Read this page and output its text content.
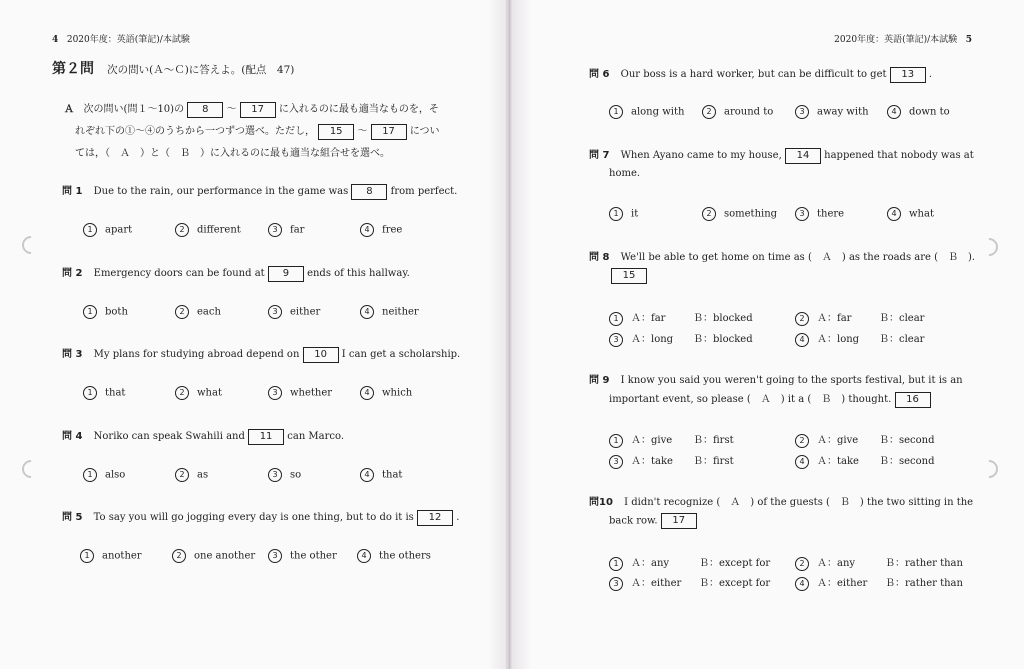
4 2020年度：英語(筆記)/本試験
第２問 次の問い(Ａ～Ｃ)に答えよ。(配点　47)
Ａ 次の問い(問１～10)の 8 ～ 17 に入れるのに最も適当なものを，そ
れぞれ下の①～④のうちから一つずつ選べ。ただし， 15 ～ 17 につい
ては，（　Ａ　）と（　Ｂ　）に入れるのに最も適当な組合せを選べ。
問 1 Due to the rain, our performance in the game was 8 from perfect.
1 apart	2 different	3 far	4 free
問 2 Emergency doors can be found at 9 ends of this hallway.
1 both	2 each	3 either	4 neither
問 3 My plans for studying abroad depend on 10 I can get a scholarship.
1 that	2 what	3 whether	4 which
問 4 Noriko can speak Swahili and 11 can Marco.
1 also	2 as	3 so	4 that
問 5 To say you will go jogging every day is one thing, but to do it is 12 .
1 another	2 one another	3 the other	4 the others
2020年度：英語(筆記)/本試験 5
問 6 Our boss is a hard worker, but can be difficult to get 13 .
1 along with	2 around to	3 away with	4 down to
問 7 When Ayano came to my house, 14 happened that nobody was at
home.
1 it	2 something	3 there	4 what
問 8 We'll be able to get home on time as (　Ａ　) as the roads are (　Ｂ　).
15
1 Ａ：far	Ｂ：blocked	2 Ａ：far	Ｂ：clear
3 Ａ：long Ｂ：blocked	4 Ａ：long Ｂ：clear
問 9 I know you said you weren't going to the sports festival, but it is an
important event, so please (　Ａ　) it a (　Ｂ　) thought. 16
1 Ａ：give Ｂ：first	2 Ａ：give Ｂ：second
3 Ａ：take Ｂ：first	4 Ａ：take Ｂ：second
問10 I didn't recognize (　Ａ　) of the guests (　Ｂ　) the two sitting in the
back row. 17
1 Ａ：any	Ｂ：except for	2 Ａ：any	Ｂ：rather than
3 Ａ：either Ｂ：except for	4 Ａ：either Ｂ：rather than
